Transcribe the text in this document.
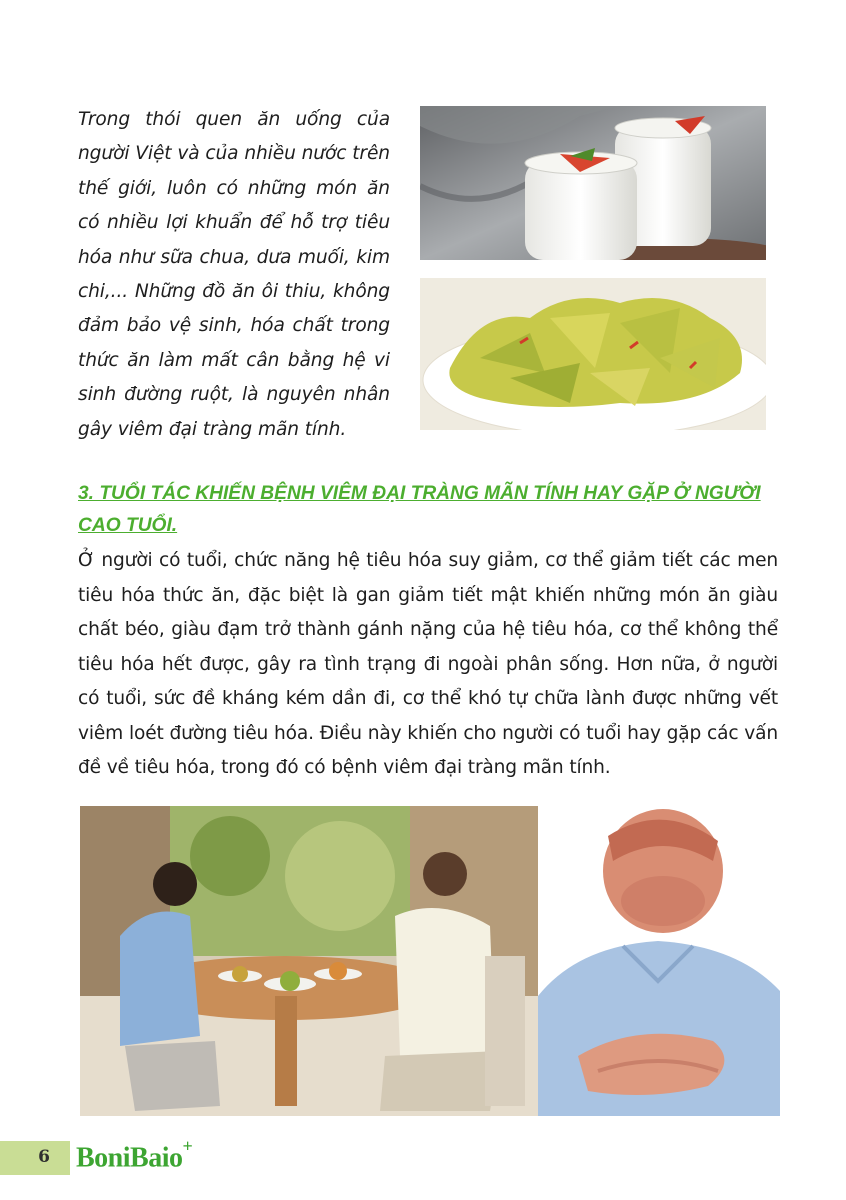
Trong thói quen ăn uống của người Việt và của nhiều nước trên thế giới, luôn có những món ăn có nhiều lợi khuẩn để hỗ trợ tiêu hóa như sữa chua, dưa muối, kim chi,... Những đồ ăn ôi thiu, không đảm bảo vệ sinh, hóa chất trong thức ăn làm mất cân bằng hệ vi sinh đường ruột, là nguyên nhân gây viêm đại tràng mãn tính.

3. TUỔI TÁC KHIẾN BỆNH VIÊM ĐẠI TRÀNG MÃN TÍNH HAY GẶP Ở NGƯỜI CAO TUỔI.

Ở người có tuổi, chức năng hệ tiêu hóa suy giảm, cơ thể giảm tiết các men tiêu hóa thức ăn, đặc biệt là gan giảm tiết mật khiến những món ăn giàu chất béo, giàu đạm trở thành gánh nặng của hệ tiêu hóa, cơ thể không thể tiêu hóa hết được, gây ra tình trạng đi ngoài phân sống. Hơn nữa, ở người có tuổi, sức đề kháng kém dần đi, cơ thể khó tự chữa lành được những vết viêm loét đường tiêu hóa. Điều này khiến cho người có tuổi hay gặp các vấn đề về tiêu hóa, trong đó có bệnh viêm đại tràng mãn tính.

6 BoniBaio+
